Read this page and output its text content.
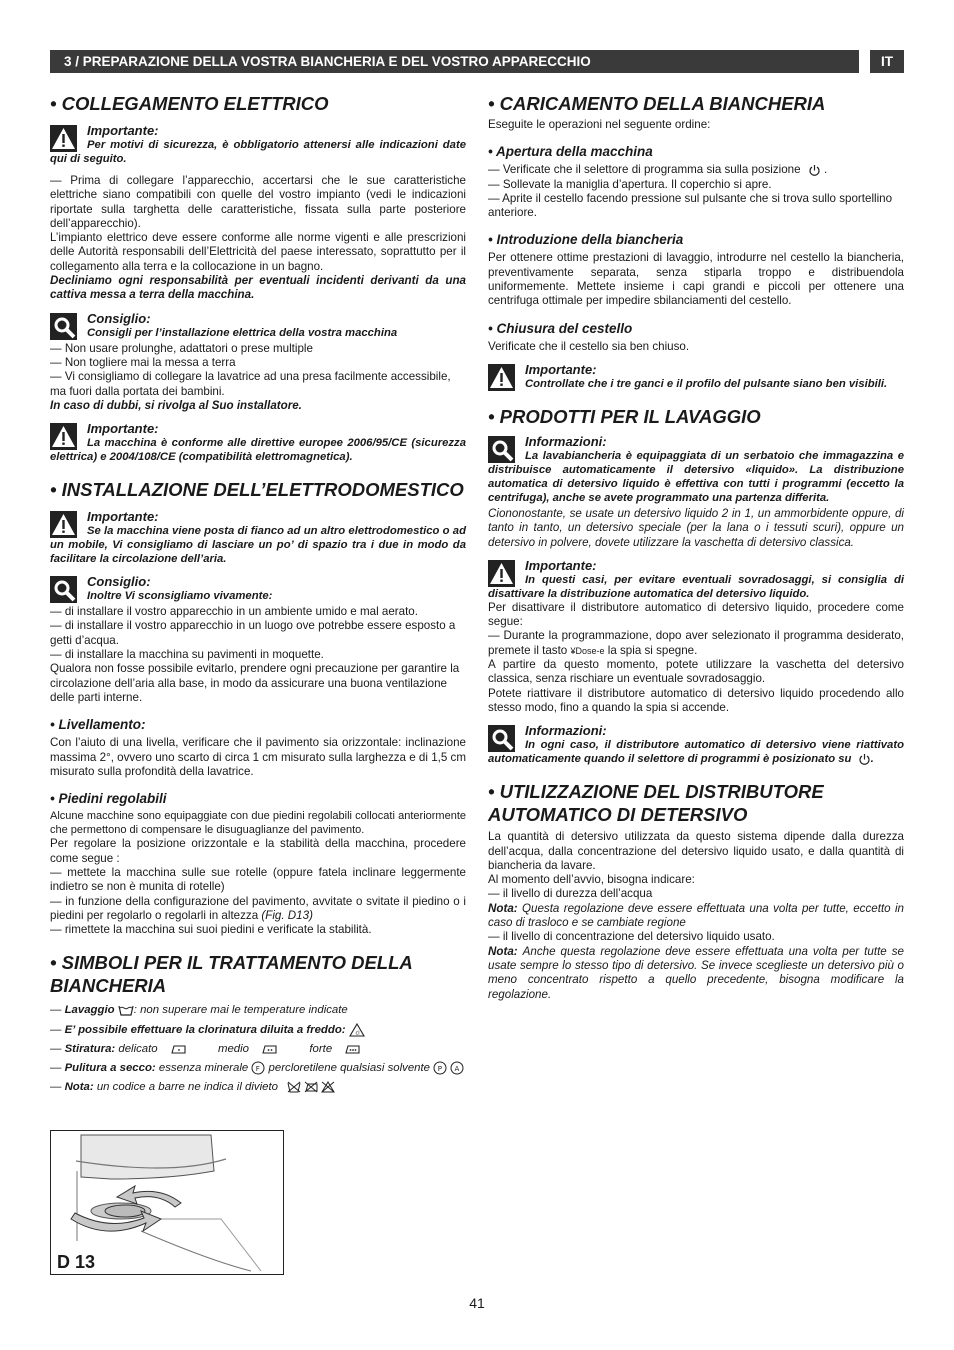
3 / PREPARAZIONE DELLA VOSTRA BIANCHERIA E DEL VOSTRO APPARECCHIO	IT
• COLLEGAMENTO ELETTRICO
Importante:
Per motivi di sicurezza, è obbligatorio attenersi alle indicazioni date qui di seguito.

— Prima di collegare l’apparecchio, accertarsi che le sue caratteristiche elettriche siano compatibili con quelle del vostro impianto (vedi le indicazioni riportate sulla targhetta delle caratteristiche, fissata sulla parte posteriore dell’apparecchio).

L’impianto elettrico deve essere conforme alle norme vigenti e alle prescrizioni delle Autorità responsabili dell’Elettricità del paese interessato, soprattutto per il collegamento alla terra e la collocazione in un bagno.

Decliniamo ogni responsabilità per eventuali incidenti derivanti da una cattiva messa a terra della macchina.

Consiglio:
Consigli per l’installazione elettrica della vostra macchina

— Non usare prolunghe, adattatori o prese multiple

— Non togliere mai la messa a terra

— Vi consigliamo di collegare la lavatrice ad una presa facilmente accessibile, ma fuori dalla portata dei bambini.

In caso di dubbi, si rivolga al Suo installatore.

Importante:
La macchina è conforme alle direttive europee 2006/95/CE (sicurezza elettrica) e 2004/108/CE (compatibilità elettromagnetica).
• INSTALLAZIONE DELL’ELETTRODOMESTICO
Importante:
Se la macchina viene posta di fianco ad un altro elettrodomestico o ad un mobile, Vi consigliamo di lasciare un po’ di spazio tra i due in modo da facilitare la circolazione dell’aria.
Consiglio:
Inoltre Vi sconsigliamo vivamente:

— di installare il vostro apparecchio in un ambiente umido e mal aerato.

— di installare il vostro apparecchio in un luogo ove potrebbe essere esposto a getti d’acqua.

— di installare la macchina su pavimenti in moquette.

Qualora non fosse possibile evitarlo, prendere ogni precauzione per garantire la circolazione dell’aria alla base, in modo da assicurare una buona ventilazione delle parti interne.

• Livellamento:

Con l’aiuto di una livella, verificare che il pavimento sia orizzontale: inclinazione massima 2°, ovvero uno scarto di circa 1 cm misurato sulla larghezza e di 1,5 cm misurato sulla profondità della lavatrice.

• Piedini regolabili

Alcune macchine sono equipaggiate con due piedini regolabili collocati anteriormente che permettono di compensare le disuguaglianze del pavimento.

Per regolare la posizione orizzontale e la stabilità della macchina, procedere come segue :

— mettete la macchina sulle sue rotelle (oppure fatela inclinare leggermente indietro se non è munita di rotelle)

— in funzione della configurazione del pavimento, avvitate o svitate il piedino o i piedini per regolarlo o regolarli in altezza (Fig. D13)

— rimettete la macchina sui suoi piedini e verificate la stabilità.

• SIMBOLI PER IL TRATTAMENTO DELLA BIANCHERIA
— Lavaggio : non superare mai le temperature indicate
— E’ possibile effettuare la clorinatura diluita a freddo: cl
— Stiratura: delicato	medio	forte
— Pulitura a secco: essenza minerale F percloretilene qualsiasi solvente P
A
— Nota: un codice a barre ne indica il divieto
D 13
• CARICAMENTO DELLA BIANCHERIA

Eseguite le operazioni nel seguente ordine:

• Apertura della macchina

— Verificate che il selettore di programma sia sulla posizione  .

— Sollevate la maniglia d’apertura. Il coperchio si apre.

— Aprite il cestello facendo pressione sul pulsante che si trova sullo sportellino anteriore.

• Introduzione della biancheria

Per ottenere ottime prestazioni di lavaggio, introdurre nel cestello la biancheria, preventivamente separata, senza stiparla troppo e distribuendola uniformemente. Mettete insieme i capi grandi e piccoli per ottenere una centrifuga ottimale per impedire sbilanciamenti del cestello.

• Chiusura del cestello

Verificate che il cestello sia ben chiuso.

Importante:
Controllate che i tre ganci e il profilo del pulsante siano ben visibili.
• PRODOTTI PER IL LAVAGGIO
Informazioni:
La lavabiancheria è equipaggiata di un serbatoio che immagazzina e distribuisce automaticamente il detersivo «liquido». La distribuzione automatica di detersivo liquido è effettiva con tutti i programmi (eccetto la centrifuga), anche se avete programmato una partenza differita.

Ciononostante, se usate un detersivo liquido 2 in 1, un ammorbidente oppure, di tanto in tanto, un detersivo speciale (per la lana o i tessuti scuri), oppure un detersivo in polvere, dovete utilizzare la vaschetta di detersivo classica.

Importante:
In questi casi, per evitare eventuali sovradosaggi, si consiglia di disattivare la distribuzione automatica del detersivo liquido.

Per disattivare il distributore automatico di detersivo liquido, procedere come segue:

— Durante la programmazione, dopo aver selezionato il programma desiderato, premete il tasto ¥Dose-e la spia si spegne.

A partire da questo momento, potete utilizzare la vaschetta del detersivo classica, senza rischiare un eventuale sovradosaggio.

Potete riattivare il distributore automatico di detersivo liquido procedendo allo stesso modo, fino a quando la spia si accende.

Informazioni:
In ogni caso, il distributore automatico di detersivo viene riattivato automaticamente quando il selettore di programmi è posizionato su .
• UTILIZZAZIONE DEL DISTRIBUTORE AUTOMATICO DI DETERSIVO

La quantità di detersivo utilizzata da questo sistema dipende dalla durezza dell’acqua, dalla concentrazione del detersivo liquido usato, e dalla quantità di biancheria da lavare.

Al momento dell’avvio, bisogna indicare:

— il livello di durezza dell’acqua

Nota: Questa regolazione deve essere effettuata una volta per tutte, eccetto in caso di trasloco e se cambiate regione

— il livello di concentrazione del detersivo liquido usato.

Nota: Anche questa regolazione deve essere effettuata una volta per tutte se usate sempre lo stesso tipo di detersivo. Se invece sceglieste un detersivo più o meno concentrato rispetto a quello precedente, bisogna modificare la regolazione.

41
